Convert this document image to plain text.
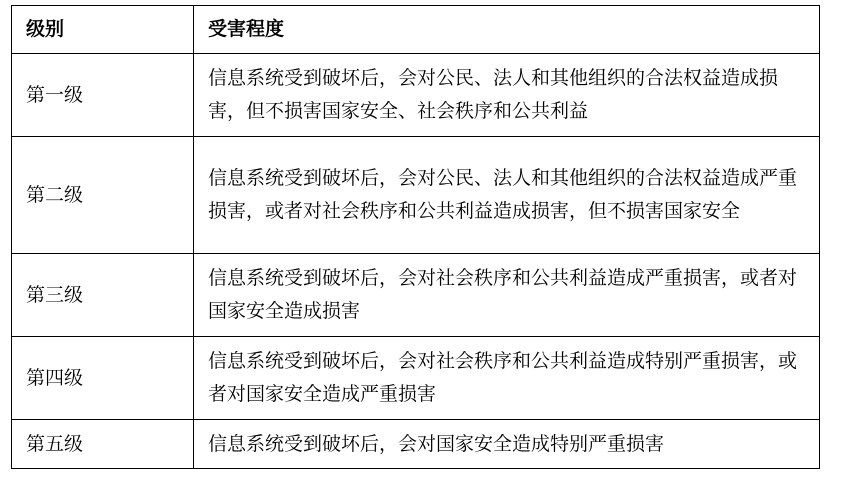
级别	受害程度
第一级	信息系统受到破坏后，会对公民、法人和其他组织的合法权益造成损害，但不损害国家安全、社会秩序和公共利益

第二级	信息系统受到破坏后，会对公民、法人和其他组织的合法权益造成严重损害，或者对社会秩序和公共利益造成损害，但不损害国家安全

第三级	信息系统受到破坏后，会对社会秩序和公共利益造成严重损害，或者对国家安全造成损害

第四级	信息系统受到破坏后，会对社会秩序和公共利益造成特别严重损害，或者对国家安全造成严重损害

第五级	信息系统受到破坏后，会对国家安全造成特别严重损害
